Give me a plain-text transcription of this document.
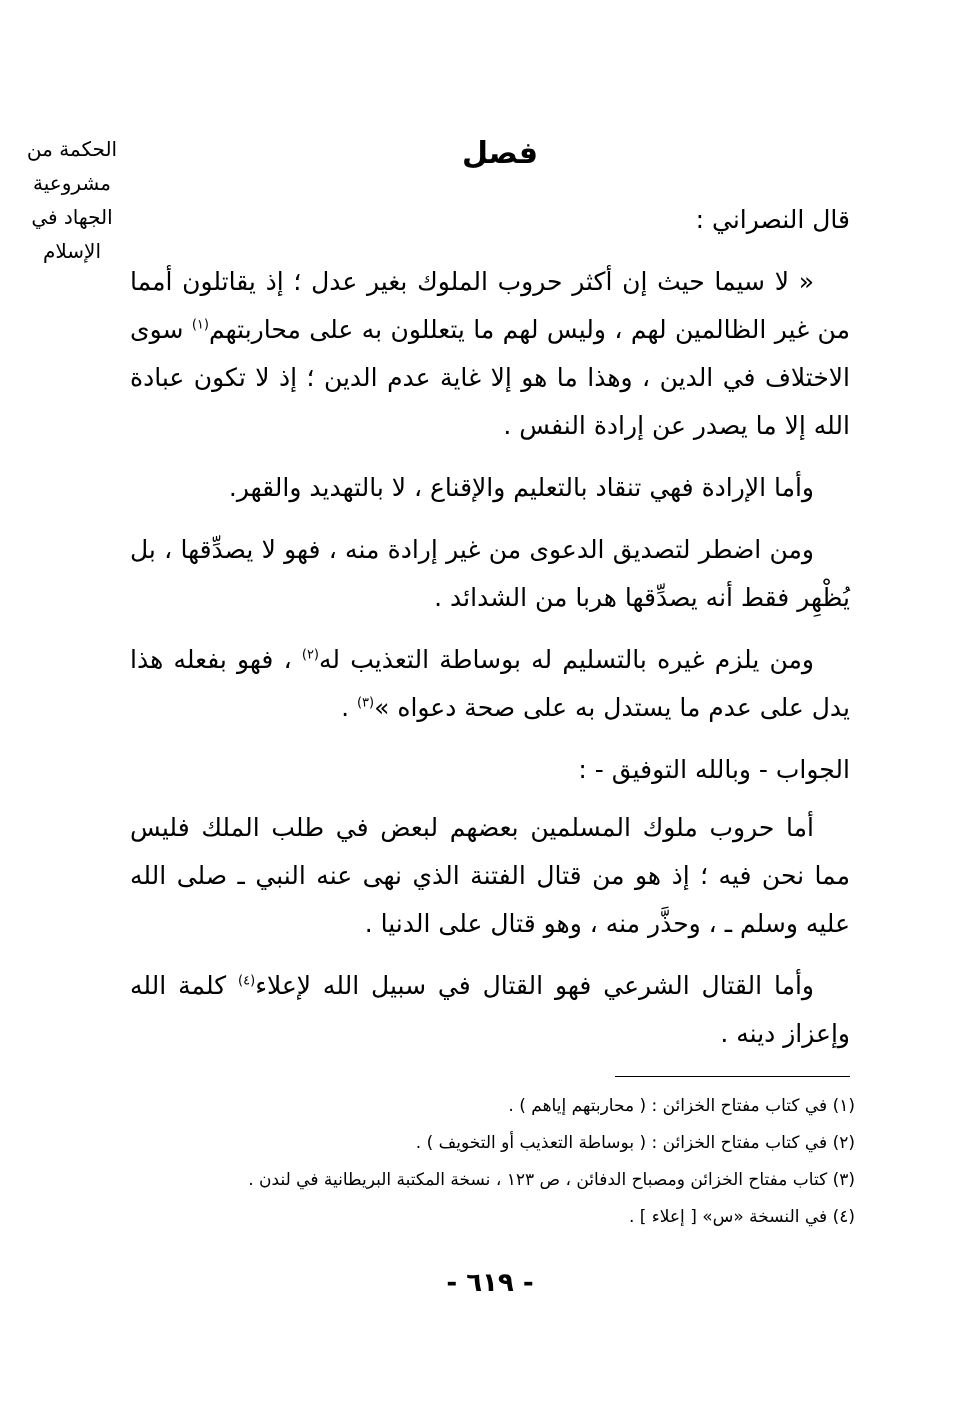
الحكمة من
مشروعية
الجهاد في
الإسلام
فصل

قال النصراني :

« لا سيما حيث إن أكثر حروب الملوك بغير عدل ؛ إذ يقاتلون أمما من غير الظالمين لهم ، وليس لهم ما يتعللون به على محاربتهم$^{(١)}$ سوى الاختلاف في الدين ، وهذا ما هو إلا غاية عدم الدين ؛ إذ لا تكون عبادة الله إلا ما يصدر عن إرادة النفس .

وأما الإرادة فهي تنقاد بالتعليم والإقناع ، لا بالتهديد والقهر.

ومن اضطر لتصديق الدعوى من غير إرادة منه ، فهو لا يصدِّقها ، بل يُظْهِر فقط أنه يصدِّقها هربا من الشدائد .

ومن يلزم غيره بالتسليم له بوساطة التعذيب له$^{(٢)}$ ، فهو بفعله هذا يدل على عدم ما يستدل به على صحة دعواه »$^{(٣)}$ .

الجواب - وبالله التوفيق - :

أما حروب ملوك المسلمين بعضهم لبعض في طلب الملك فليس مما نحن فيه ؛ إذ هو من قتال الفتنة الذي نهى عنه النبي ـ صلى الله عليه وسلم ـ ، وحذَّر منه ، وهو قتال على الدنيا .

وأما القتال الشرعي فهو القتال في سبيل الله لإعلاء$^{(٤)}$ كلمة الله وإعزاز دينه .

(١) في كتاب مفتاح الخزائن : ( محاربتهم إياهم ) .
(٢) في كتاب مفتاح الخزائن : ( بوساطة التعذيب أو التخويف ) .
(٣) كتاب مفتاح الخزائن ومصباح الدفائن ، ص ١٢٣ ، نسخة المكتبة البريطانية في لندن .
(٤) في النسخة «س» [ إعلاء ] .
- ٦١٩ -
